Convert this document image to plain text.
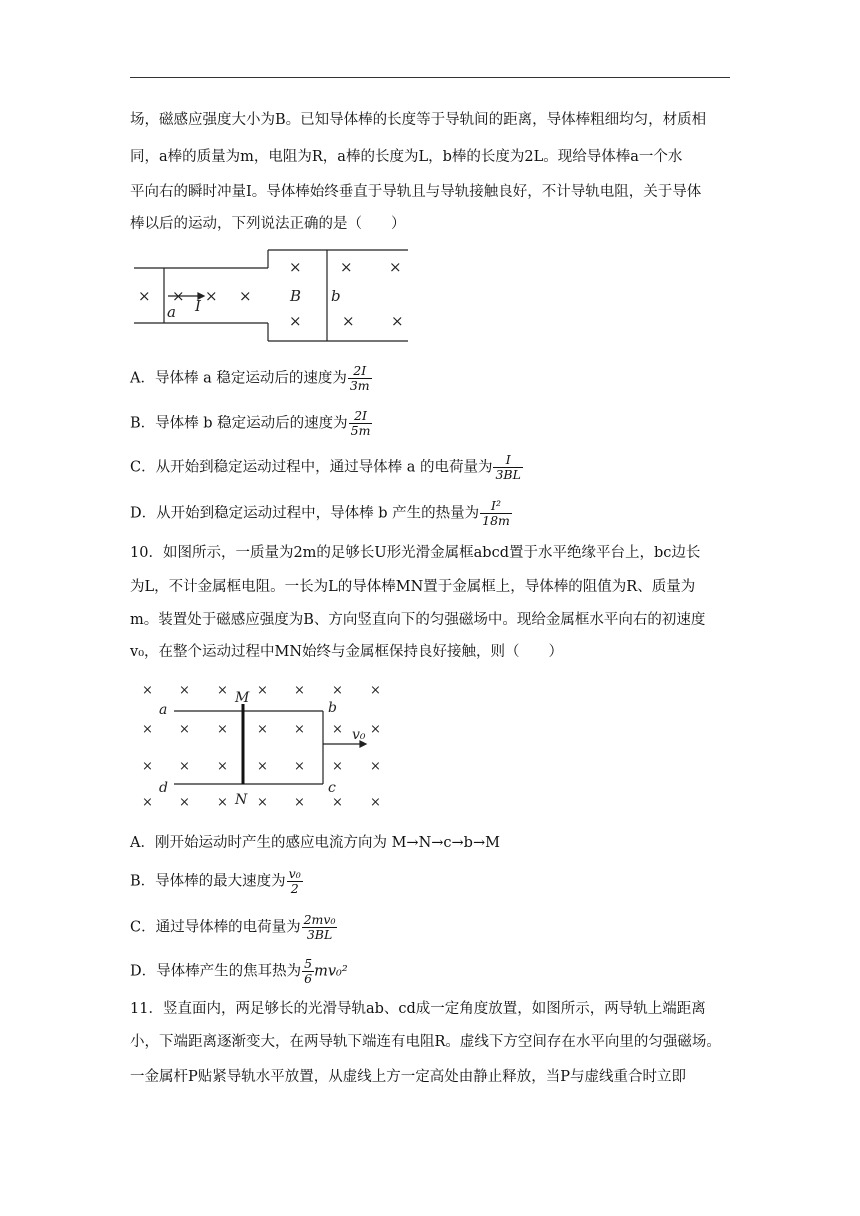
场，磁感应强度大小为B。已知导体棒的长度等于导轨间的距离，导体棒粗细均匀，材质相
同，a棒的质量为m，电阻为R，a棒的长度为L，b棒的长度为2L。现给导体棒a一个水
平向右的瞬时冲量I。导体棒始终垂直于导轨且与导轨接触良好，不计导轨电阻，关于导体
棒以后的运动，下列说法正确的是（　　）
× × × ×
×	× ×
×	× ×
a I
B b
A．导体棒 a 稳定运动后的速度为 $\frac{2I}{3m}$
B．导体棒 b 稳定运动后的速度为 $\frac{2I}{5m}$
C．从开始到稳定运动过程中，通过导体棒 a 的电荷量为 $\frac{I}{3BL}$
D．从开始到稳定运动过程中，导体棒 b 产生的热量为 $\frac{\text{I²}}{18m}$
10．如图所示，一质量为2m的足够长U形光滑金属框abcd置于水平绝缘平台上，bc边长
为L，不计金属框电阻。一长为L的导体棒MN置于金属框上，导体棒的阻值为R、质量为
m。装置处于磁感应强度为B、方向竖直向下的匀强磁场中。现给金属框水平向右的初速度
v₀，在整个运动过程中MN始终与金属框保持良好接触，则（　　）
× × × × × × ×
× × × × × × ×
× × × × × × ×
× × × × × × ×
M
N
a	b
c
d
v₀
A．刚开始运动时产生的感应电流方向为 M→N→c→b→M
B．导体棒的最大速度为 $\frac{\text{v₀}}{2}$
C．通过导体棒的电荷量为 $\frac{\text{2mv₀}}{3BL}$
D．导体棒产生的焦耳热为 $\frac{5}{6} mv_0^2$
11．竖直面内，两足够长的光滑导轨ab、cd成一定角度放置，如图所示，两导轨上端距离
小，下端距离逐渐变大，在两导轨下端连有电阻R。虚线下方空间存在水平向里的匀强磁场。
一金属杆P贴紧导轨水平放置，从虚线上方一定高处由静止释放，当P与虚线重合时立即
